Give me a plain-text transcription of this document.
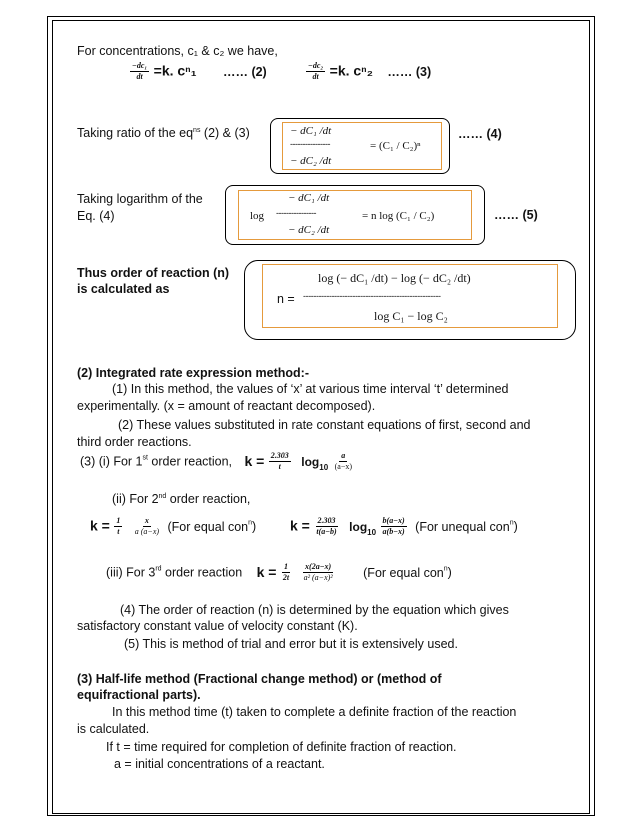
For concentrations, c₁ & c₂ we have,
$\frac{\text{−dc₁}}{dt} =k$. cⁿ₁ …… (2)	$\frac{\text{−dc₂}}{dt} =k$. cⁿ₂ …… (3)
Taking ratio of the $eq^{ns}$ (2) & (3)	− dC₁ /dt
----------------	= (C₁ / C₂)ⁿ
− dC₂ /dt
…… (4)
Taking logarithm of the
Eq. (4)
− dC₁ /dt
log ----------------	= n log (C₁ / C₂)
− dC₂ /dt
…… (5)
Thus order of reaction (n)
is calculated as
log (− dC₁ /dt) − log (− dC₂ /dt)
n = -----------------------------------------------------
log C₁ − log C₂
(2) Integrated rate expression method:-
(1) In this method, the values of ‘x’ at various time interval ‘t’ determined
experimentally. (x = amount of reactant decomposed).
(2) These values substituted in rate constant equations of first, second and
third order reactions.
(3) (i) For 1st order reaction, $k = \frac{2.303}{t} \log_{10} \frac{a}{(a-x)}$
(ii) For 2nd order reaction,
$k = \frac{1}{t}$
$\frac{x}{a (a-x)} (For$ equal con$^n$) $k = \frac{2.303}{t(a-b)} \log_{10} \frac{b(a-x)}{a(b-x)} (For$ unequal con$^n$)
(iii) For 3rd order reaction $k = \frac{1}{2t}$
$\frac{x(2a-x)}{\text{a² (a−x)²}} (For$ equal con$^n$)
(4) The order of reaction (n) is determined by the equation which gives
satisfactory constant value of velocity constant (K).
(5) This is method of trial and error but it is extensively used.
(3) Half-life method (Fractional change method) or (method of
equifractional parts).
In this method time (t) taken to complete a definite fraction of the reaction
is calculated.
If t = time required for completion of definite fraction of reaction.
a = initial concentrations of a reactant.
